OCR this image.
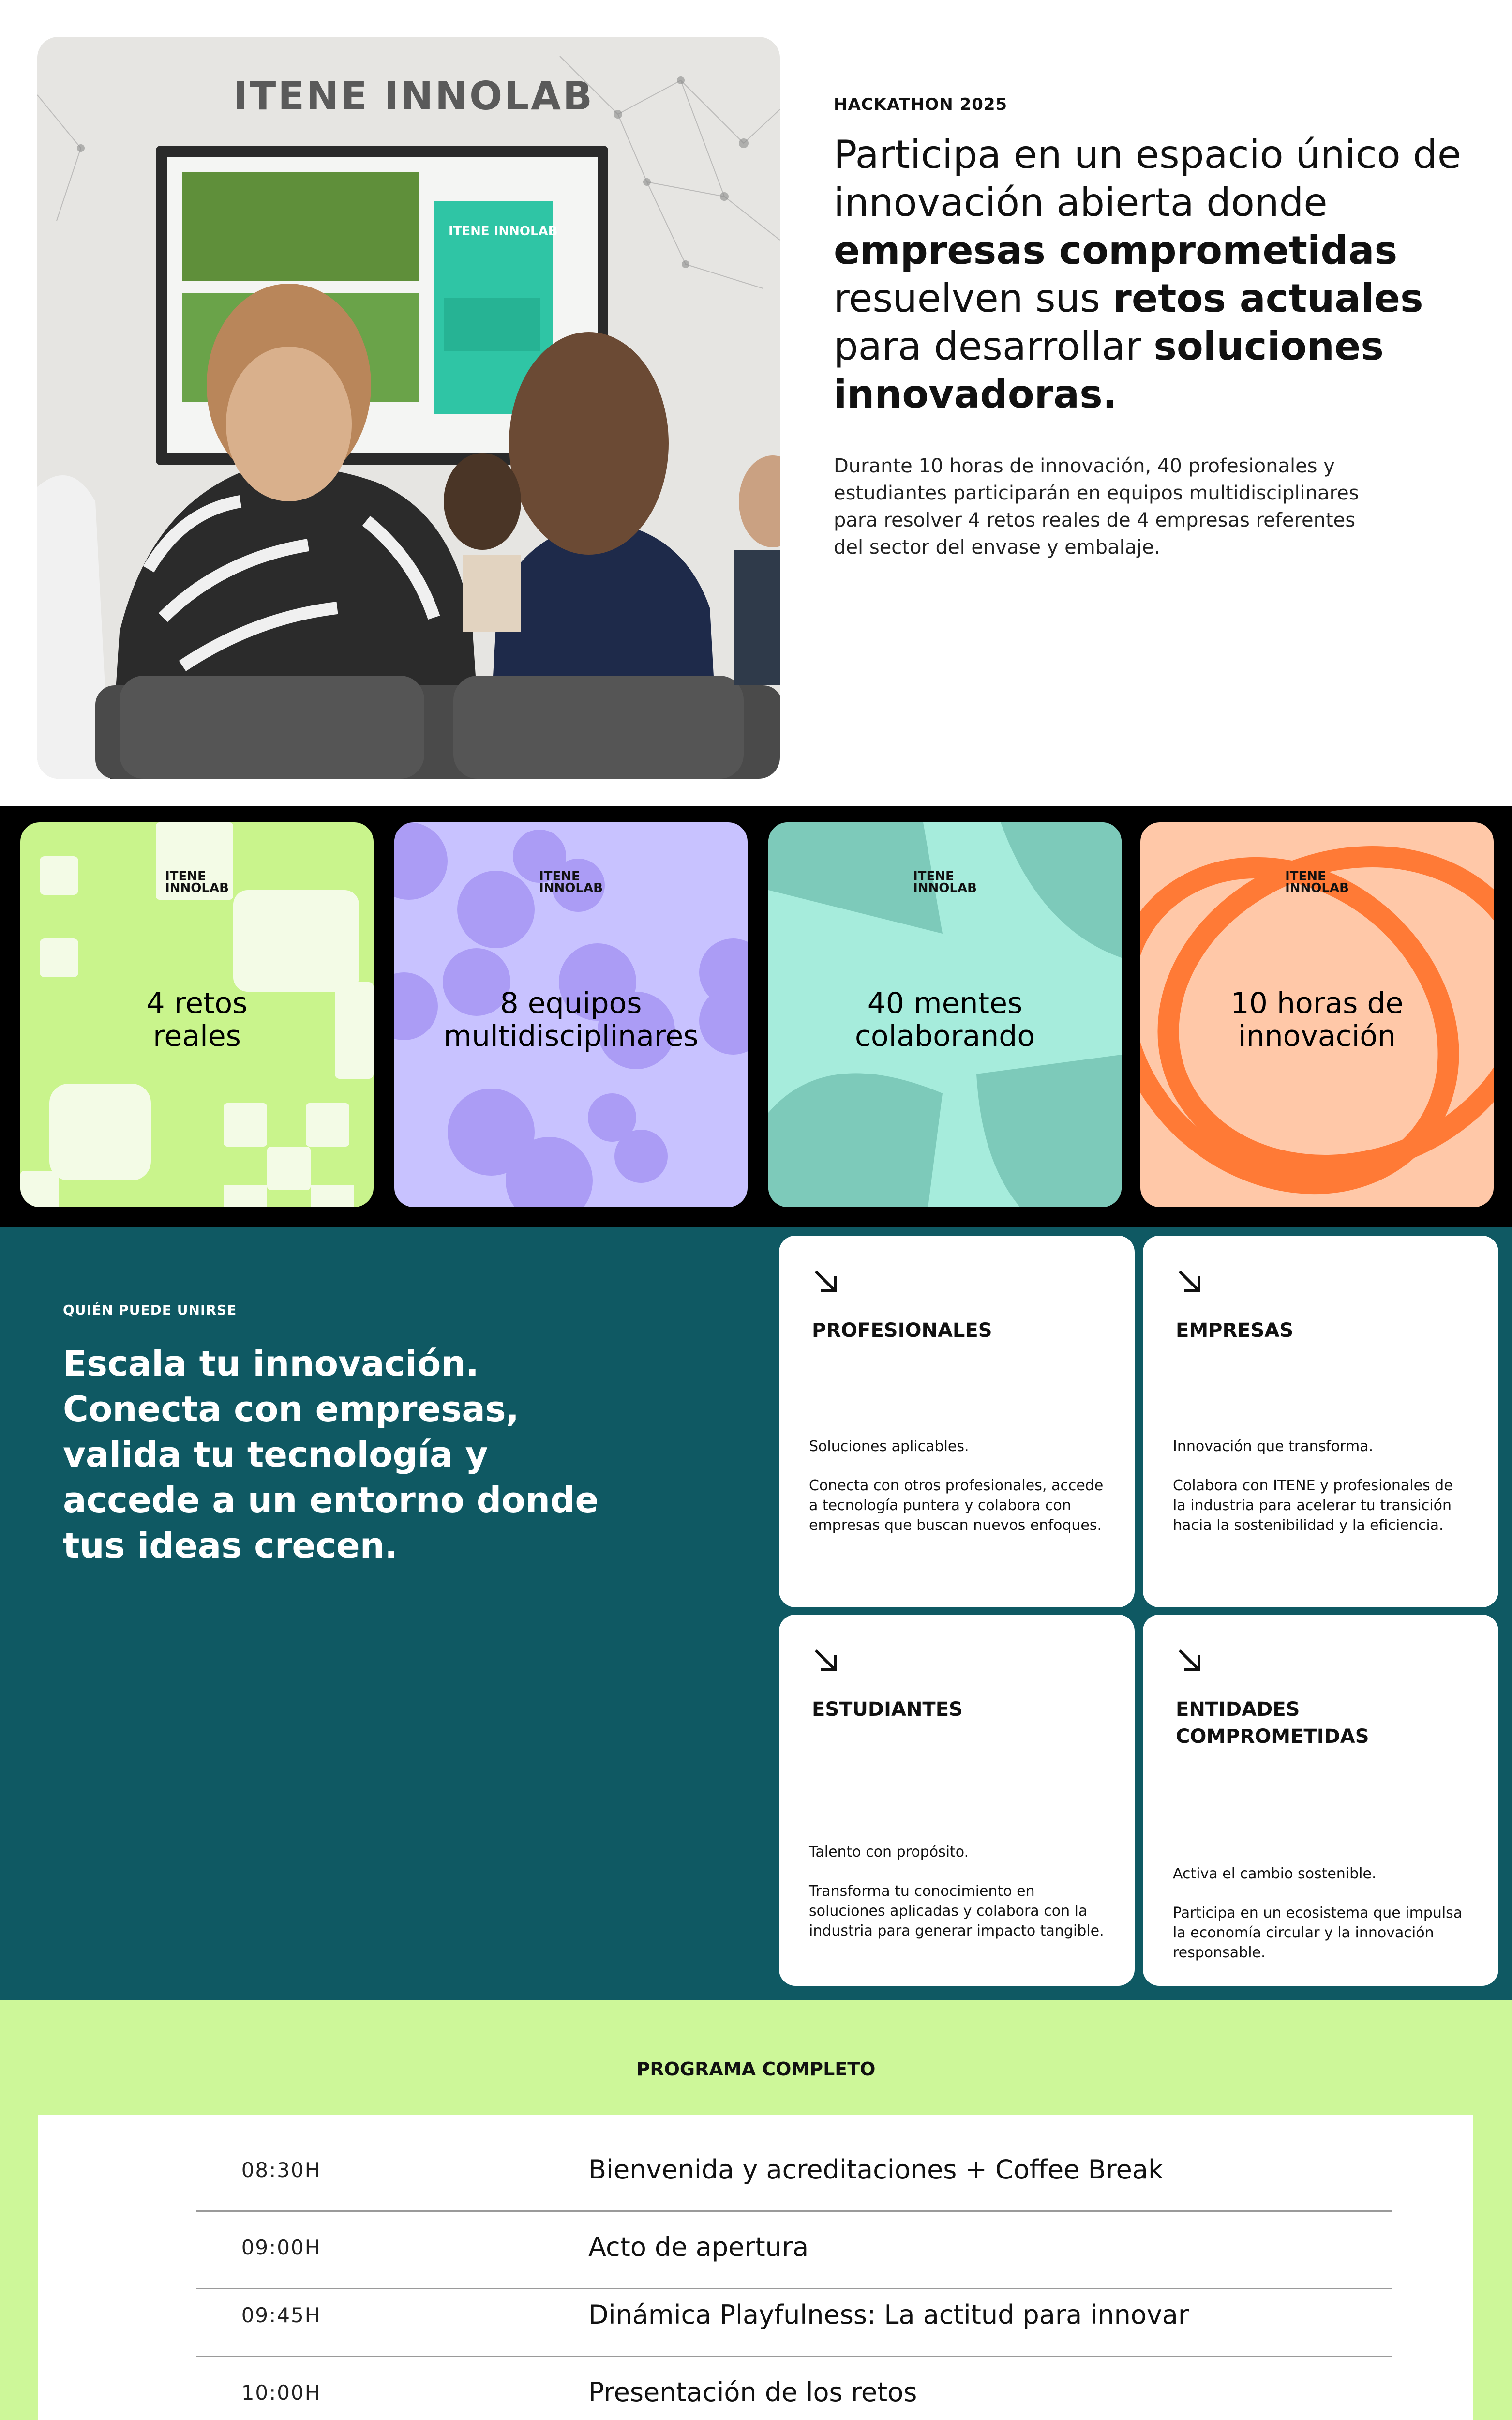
ITENE INNOLAB
ITENE INNOLAB
HACKATHON 2025
Participa en un espacio único de innovación abierta donde empresas comprometidas resuelven sus retos actuales para desarrollar soluciones innovadoras.

Durante 10 horas de innovación, 40 profesionales y estudiantes participarán en equipos multidisciplinares para resolver 4 retos reales de 4 empresas referentes del sector del envase y embalaje.

ITENE
INNOLAB
4 retos reales
ITENE
INNOLAB
8 equipos multidisciplinares
ITENE
INNOLAB
40 mentes colaborando
ITENE
INNOLAB
10 horas de innovación
QUIÉN PUEDE UNIRSE
Escala tu innovación. Conecta con empresas, valida tu tecnología y accede a un entorno donde tus ideas crecen.
PROFESIONALES

Soluciones aplicables.

Conecta con otros profesionales, accede a tecnología puntera y colabora con empresas que buscan nuevos enfoques.

EMPRESAS

Innovación que transforma.

Colabora con ITENE y profesionales de la industria para acelerar tu transición hacia la sostenibilidad y la eficiencia.

ESTUDIANTES

Talento con propósito.

Transforma tu conocimiento en soluciones aplicadas y colabora con la industria para generar impacto tangible.

ENTIDADES COMPROMETIDAS

Activa el cambio sostenible.

Participa en un ecosistema que impulsa la economía circular y la innovación responsable.

PROGRAMA COMPLETO
08:30H	Bienvenida y acreditaciones + Coffee Break
09:00H	Acto de apertura
09:45H	Dinámica Playfulness: La actitud para innovar
10:00H	Presentación de los retos
